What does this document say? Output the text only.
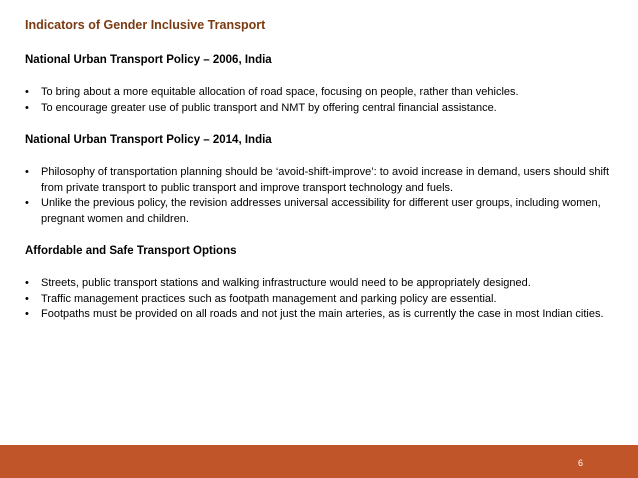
Indicators of Gender Inclusive Transport
National Urban Transport Policy – 2006, India
• To bring about a more equitable allocation of road space, focusing on people, rather than vehicles.
• To encourage greater use of public transport and NMT by offering central financial assistance.
National Urban Transport Policy – 2014, India
• Philosophy of transportation planning should be ‘avoid-shift-improve’: to avoid increase in demand, users should shift from private transport to public transport and improve transport technology and fuels.
• Unlike the previous policy, the revision addresses universal accessibility for different user groups, including women, pregnant women and children.
Affordable and Safe Transport Options
• Streets, public transport stations and walking infrastructure would need to be appropriately designed.
• Traffic management practices such as footpath management and parking policy are essential.
• Footpaths must be provided on all roads and not just the main arteries, as is currently the case in most Indian cities.
6
